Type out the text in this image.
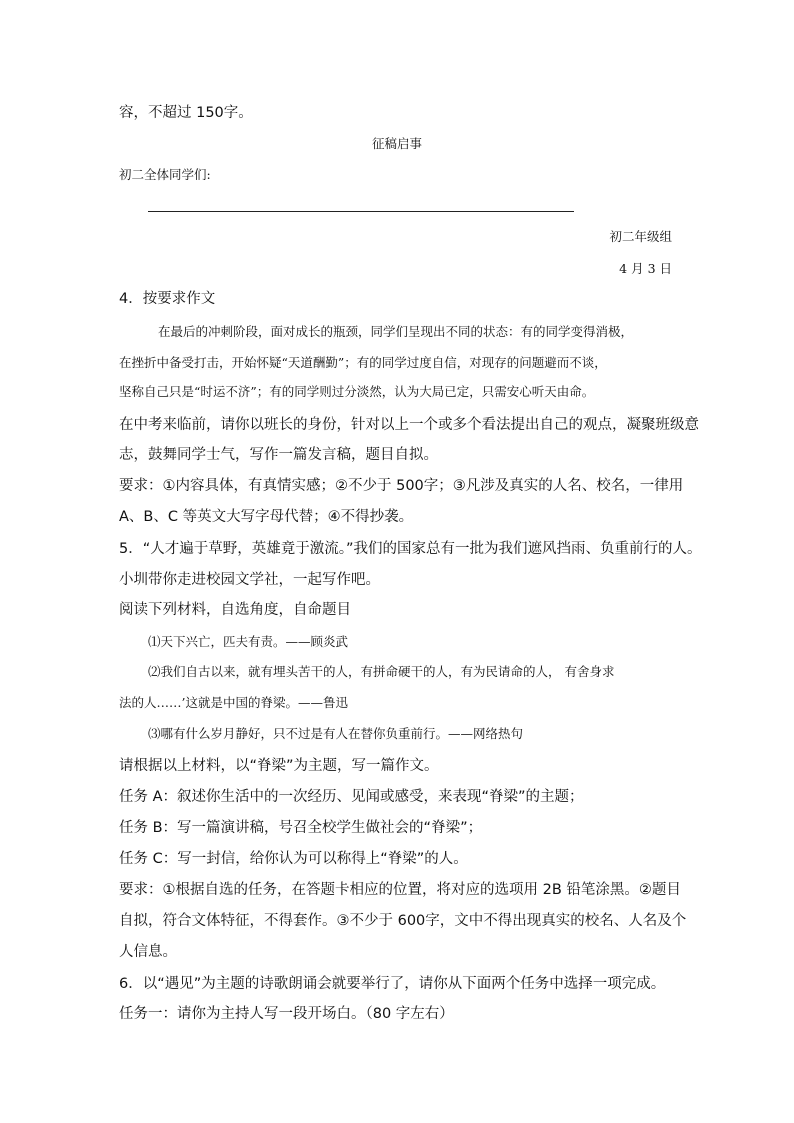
容，不超过 150字。
征稿启事
初二全体同学们:
初二年级组
4 月 3 日
4．按要求作文
在最后的冲刺阶段，面对成长的瓶颈，同学们呈现出不同的状态：有的同学变得消极，
在挫折中备受打击，开始怀疑“天道酬勤”；有的同学过度自信，对现存的问题避而不谈，
坚称自己只是“时运不济”；有的同学则过分淡然，认为大局已定，只需安心听天由命。
在中考来临前，请你以班长的身份，针对以上一个或多个看法提出自己的观点，凝聚班级意
志，鼓舞同学士气，写作一篇发言稿，题目自拟。
要求：①内容具体，有真情实感；②不少于 500字；③凡涉及真实的人名、校名，一律用
A、B、C 等英文大写字母代替；④不得抄袭。
5．“人才遍于草野，英雄竟于激流。”我们的国家总有一批为我们遮风挡雨、负重前行的人。
小圳带你走进校园文学社，一起写作吧。
阅读下列材料，自选角度，自命题目
⑴天下兴亡，匹夫有责。——顾炎武
⑵我们自古以来，就有埋头苦干的人，有拼命硬干的人，有为民请命的人， 有舍身求
法的人……’这就是中国的脊梁。——鲁迅
⑶哪有什么岁月静好，只不过是有人在替你负重前行。——网络热句
请根据以上材料，以“脊梁”为主题，写一篇作文。
任务 A：叙述你生活中的一次经历、见闻或感受，来表现“脊梁”的主题；
任务 B：写一篇演讲稿，号召全校学生做社会的“脊梁”；
任务 C：写一封信，给你认为可以称得上“脊梁”的人。
要求：①根据自选的任务，在答题卡相应的位置，将对应的选项用 2B 铅笔涂黑。②题目
自拟，符合文体特征，不得套作。③不少于 600字，文中不得出现真实的校名、人名及个
人信息。
6．以“遇见”为主题的诗歌朗诵会就要举行了，请你从下面两个任务中选择一项完成。
任务一：请你为主持人写一段开场白。（80 字左右）
